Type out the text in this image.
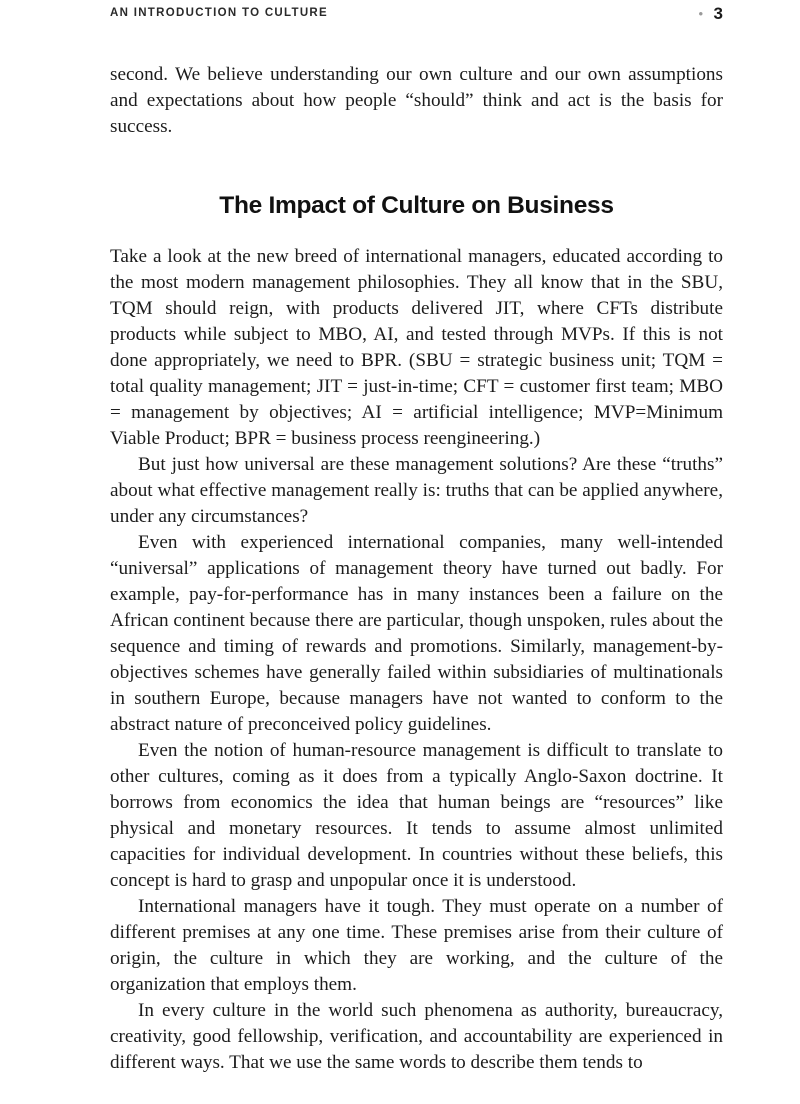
AN INTRODUCTION TO CULTURE	• 3

second. We believe understanding our own culture and our own assumptions and expectations about how people “should” think and act is the basis for success.

The Impact of Culture on Business

Take a look at the new breed of international managers, educated according to the most modern management philosophies. They all know that in the SBU, TQM should reign, with products delivered JIT, where CFTs distribute products while subject to MBO, AI, and tested through MVPs. If this is not done appropriately, we need to BPR. (SBU = strategic business unit; TQM = total quality management; JIT = just-in-time; CFT = customer first team; MBO = management by objectives; AI = artificial intelligence; MVP=Minimum Viable Product; BPR = business process reengineering.)

But just how universal are these management solutions? Are these “truths” about what effective management really is: truths that can be applied anywhere, under any circumstances?

Even with experienced international companies, many well-intended “universal” applications of management theory have turned out badly. For example, pay-for-performance has in many instances been a failure on the African continent because there are particular, though unspoken, rules about the sequence and timing of rewards and promotions. Similarly, management-by-objectives schemes have generally failed within subsidiaries of multinationals in southern Europe, because managers have not wanted to conform to the abstract nature of preconceived policy guidelines.

Even the notion of human-resource management is difficult to translate to other cultures, coming as it does from a typically Anglo-Saxon doctrine. It borrows from economics the idea that human beings are “resources” like physical and monetary resources. It tends to assume almost unlimited capacities for individual development. In countries without these beliefs, this concept is hard to grasp and unpopular once it is understood.

International managers have it tough. They must operate on a number of different premises at any one time. These premises arise from their culture of origin, the culture in which they are working, and the culture of the organization that employs them.

In every culture in the world such phenomena as authority, bureaucracy, creativity, good fellowship, verification, and accountability are experienced in different ways. That we use the same words to describe them tends to
